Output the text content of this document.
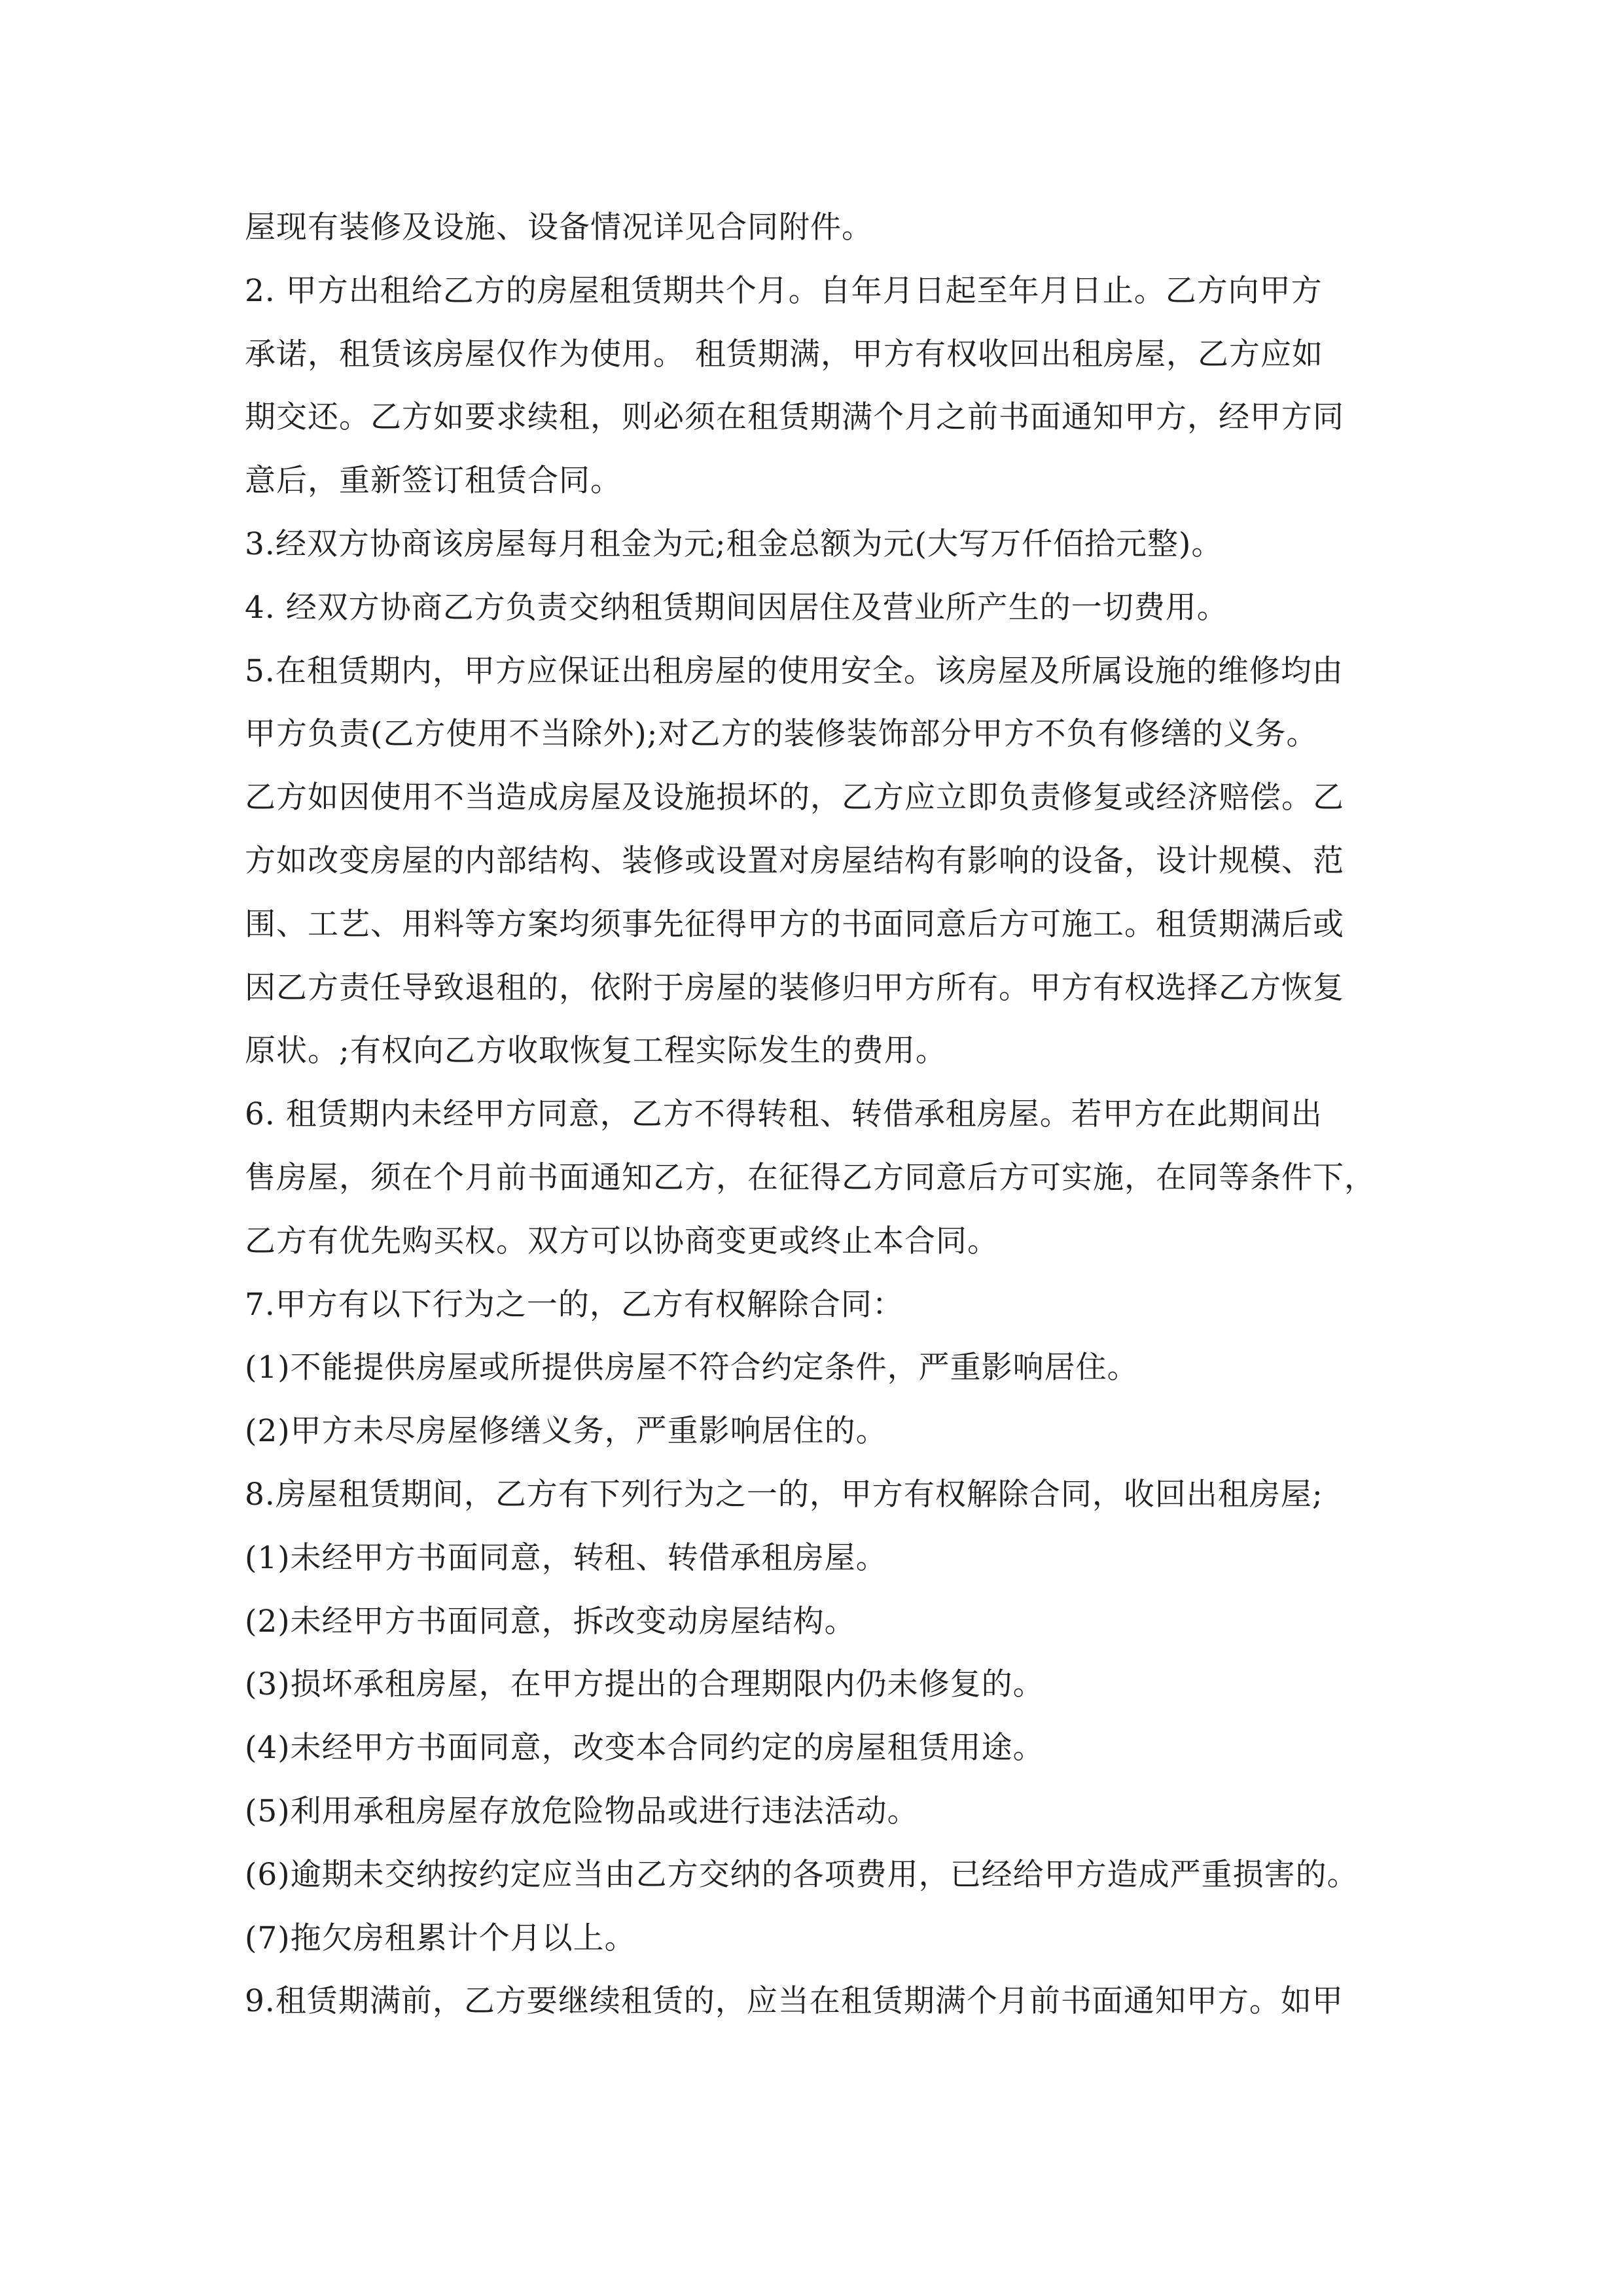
屋现有装修及设施、设备情况详见合同附件。
2. 甲方出租给乙方的房屋租赁期共个月。自年月日起至年月日止。乙方向甲方
承诺，租赁该房屋仅作为使用。 租赁期满，甲方有权收回出租房屋，乙方应如
期交还。乙方如要求续租，则必须在租赁期满个月之前书面通知甲方，经甲方同
意后，重新签订租赁合同。
3.经双方协商该房屋每月租金为元;租金总额为元(大写万仟佰拾元整)。
4. 经双方协商乙方负责交纳租赁期间因居住及营业所产生的一切费用。
5.在租赁期内，甲方应保证出租房屋的使用安全。该房屋及所属设施的维修均由
甲方负责(乙方使用不当除外);对乙方的装修装饰部分甲方不负有修缮的义务。
乙方如因使用不当造成房屋及设施损坏的，乙方应立即负责修复或经济赔偿。乙
方如改变房屋的内部结构、装修或设置对房屋结构有影响的设备，设计规模、范
围、工艺、用料等方案均须事先征得甲方的书面同意后方可施工。租赁期满后或
因乙方责任导致退租的，依附于房屋的装修归甲方所有。甲方有权选择乙方恢复
原状。;有权向乙方收取恢复工程实际发生的费用。
6. 租赁期内未经甲方同意，乙方不得转租、转借承租房屋。若甲方在此期间出
售房屋，须在个月前书面通知乙方，在征得乙方同意后方可实施，在同等条件下，
乙方有优先购买权。双方可以协商变更或终止本合同。
7.甲方有以下行为之一的，乙方有权解除合同：
(1)不能提供房屋或所提供房屋不符合约定条件，严重影响居住。
(2)甲方未尽房屋修缮义务，严重影响居住的。
8.房屋租赁期间，乙方有下列行为之一的，甲方有权解除合同，收回出租房屋;
(1)未经甲方书面同意，转租、转借承租房屋。
(2)未经甲方书面同意，拆改变动房屋结构。
(3)损坏承租房屋，在甲方提出的合理期限内仍未修复的。
(4)未经甲方书面同意，改变本合同约定的房屋租赁用途。
(5)利用承租房屋存放危险物品或进行违法活动。
(6)逾期未交纳按约定应当由乙方交纳的各项费用，已经给甲方造成严重损害的。
(7)拖欠房租累计个月以上。
9.租赁期满前，乙方要继续租赁的，应当在租赁期满个月前书面通知甲方。如甲
